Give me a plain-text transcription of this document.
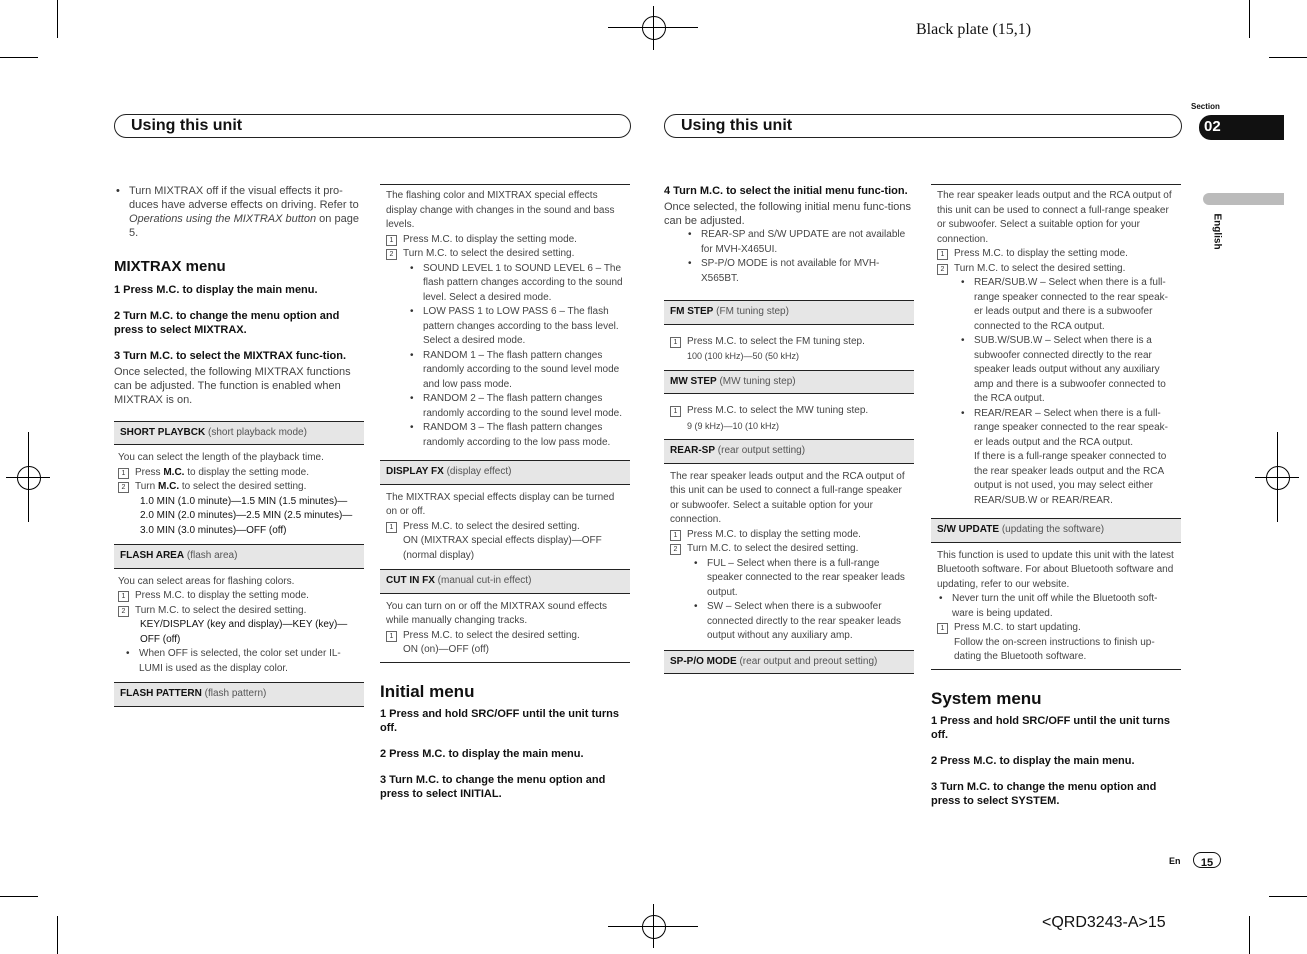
Black plate (15,1)
Using this unit	Using this unit
Section
02
English

• Turn MIXTRAX off if the visual effects it pro-duces have adverse effects on driving. Refer to Operations using the MIXTRAX button on page 5.

MIXTRAX menu
1 Press M.C. to display the main menu.
2 Turn M.C. to change the menu option and press to select MIXTRAX.
3 Turn M.C. to select the MIXTRAX func-tion.

Once selected, the following MIXTRAX functions can be adjusted. The function is enabled when MIXTRAX is on.

SHORT PLAYBCK (short playback mode)

You can select the length of the playback time.

1 Press M.C. to display the setting mode.

2 Turn M.C. to select the desired setting.

1.0 MIN (1.0 minute)—1.5 MIN (1.5 minutes)—2.0 MIN (2.0 minutes)—2.5 MIN (2.5 minutes)—3.0 MIN (3.0 minutes)—OFF (off)

FLASH AREA (flash area)

You can select areas for flashing colors.

1 Press M.C. to display the setting mode.

2 Turn M.C. to select the desired setting.

KEY/DISPLAY (key and display)—KEY (key)—OFF (off)

• When OFF is selected, the color set under IL-LUMI is used as the display color.

FLASH PATTERN (flash pattern)

The flashing color and MIXTRAX special effects display change with changes in the sound and bass levels.

1 Press M.C. to display the setting mode.

2 Turn M.C. to select the desired setting.

• SOUND LEVEL 1 to SOUND LEVEL 6 – The flash pattern changes according to the sound level. Select a desired mode.

• LOW PASS 1 to LOW PASS 6 – The flash pattern changes according to the bass level. Select a desired mode.

• RANDOM 1 – The flash pattern changes randomly according to the sound level mode and low pass mode.

• RANDOM 2 – The flash pattern changes randomly according to the sound level mode.

• RANDOM 3 – The flash pattern changes randomly according to the low pass mode.

DISPLAY FX (display effect)

The MIXTRAX special effects display can be turned on or off.

1 Press M.C. to select the desired setting.

ON (MIXTRAX special effects display)—OFF (normal display)

CUT IN FX (manual cut-in effect)

You can turn on or off the MIXTRAX sound effects while manually changing tracks.

1 Press M.C. to select the desired setting.

ON (on)—OFF (off)

Initial menu
1 Press and hold SRC/OFF until the unit turns off.
2 Press M.C. to display the main menu.
3 Turn M.C. to change the menu option and press to select INITIAL.
4 Turn M.C. to select the initial menu func-tion.

Once selected, the following initial menu func-tions can be adjusted.

• REAR-SP and S/W UPDATE are not available for MVH-X465UI.

• SP-P/O MODE is not available for MVH-X565BT.

FM STEP (FM tuning step)

1 Press M.C. to select the FM tuning step.

100 (100 kHz)—50 (50 kHz)

MW STEP (MW tuning step)

1 Press M.C. to select the MW tuning step.

9 (9 kHz)—10 (10 kHz)

REAR-SP (rear output setting)

The rear speaker leads output and the RCA output of this unit can be used to connect a full-range speaker or subwoofer. Select a suitable option for your connection.

1 Press M.C. to display the setting mode.

2 Turn M.C. to select the desired setting.

• FUL – Select when there is a full-range speaker connected to the rear speaker leads output.

• SW – Select when there is a subwoofer connected directly to the rear speaker leads output without any auxiliary amp.

SP-P/O MODE (rear output and preout setting)

The rear speaker leads output and the RCA output of this unit can be used to connect a full-range speaker or subwoofer. Select a suitable option for your connection.

1 Press M.C. to display the setting mode.

2 Turn M.C. to select the desired setting.

• REAR/SUB.W – Select when there is a full-range speaker connected to the rear speak-er leads output and there is a subwoofer connected to the RCA output.

• SUB.W/SUB.W – Select when there is a subwoofer connected directly to the rear speaker leads output without any auxiliary amp and there is a subwoofer connected to the RCA output.

• REAR/REAR – Select when there is a full-range speaker connected to the rear speak-er leads output and the RCA output.

If there is a full-range speaker connected to the rear speaker leads output and the RCA output is not used, you may select either REAR/SUB.W or REAR/REAR.

S/W UPDATE (updating the software)

This function is used to update this unit with the latest Bluetooth software. For about Bluetooth software and updating, refer to our website.

• Never turn the unit off while the Bluetooth soft-ware is being updated.

1 Press M.C. to start updating.

Follow the on-screen instructions to finish up-dating the Bluetooth software.

System menu
1 Press and hold SRC/OFF until the unit turns off.
2 Press M.C. to display the main menu.
3 Turn M.C. to change the menu option and press to select SYSTEM.
En	15
<QRD3243-A>15
